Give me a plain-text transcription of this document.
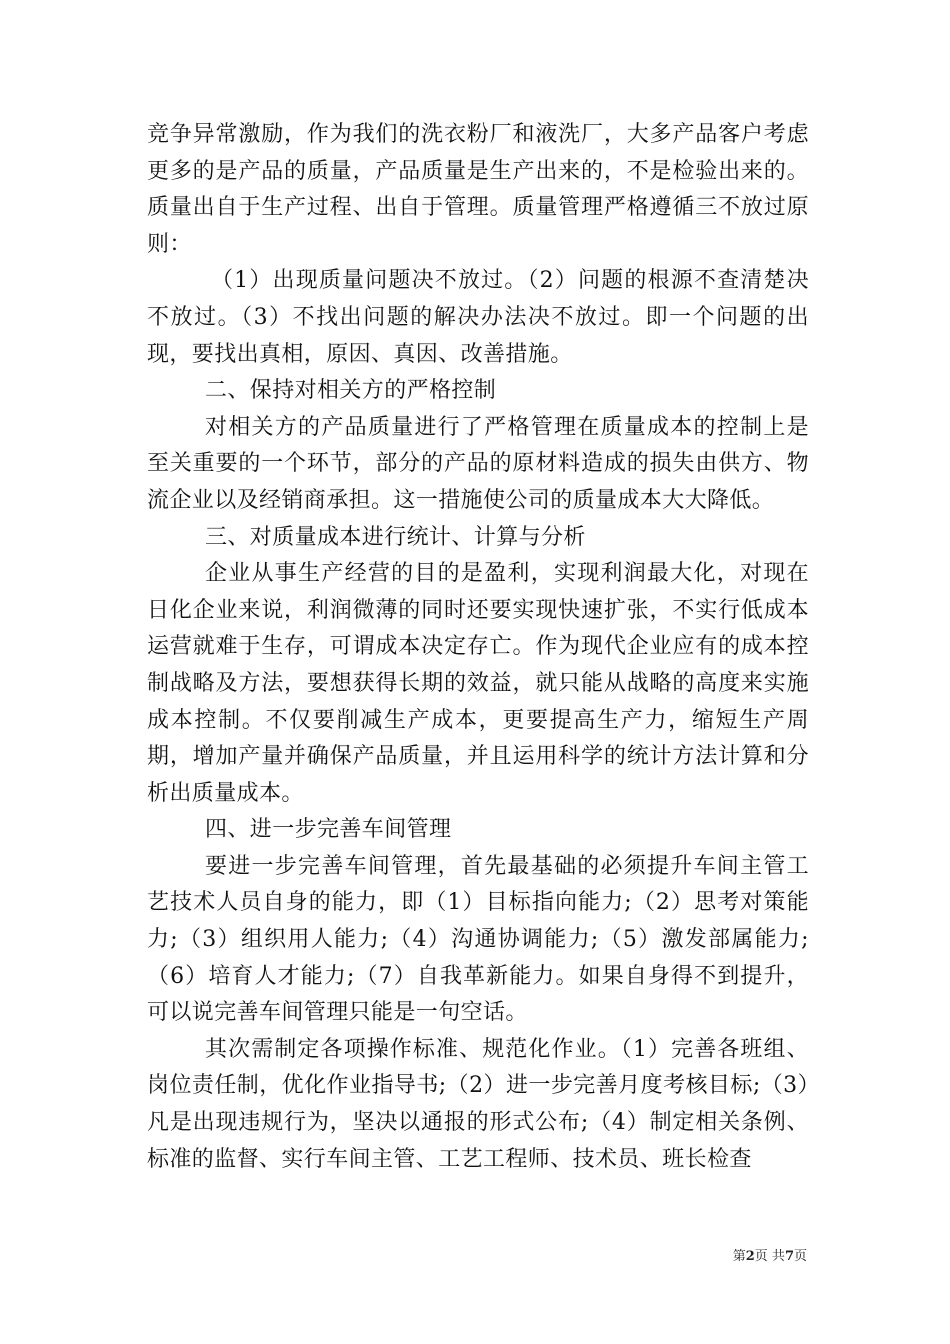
竞争异常激励，作为我们的洗衣粉厂和液洗厂，大多产品客户考虑更多的是产品的质量，产品质量是生产出来的，不是检验出来的。质量出自于生产过程、出自于管理。质量管理严格遵循三不放过原则：

（1）出现质量问题决不放过。（2）问题的根源不查清楚决不放过。（3）不找出问题的解决办法决不放过。即一个问题的出现，要找出真相，原因、真因、改善措施。

二、保持对相关方的严格控制

对相关方的产品质量进行了严格管理在质量成本的控制上是至关重要的一个环节，部分的产品的原材料造成的损失由供方、物流企业以及经销商承担。这一措施使公司的质量成本大大降低。

三、对质量成本进行统计、计算与分析

企业从事生产经营的目的是盈利，实现利润最大化，对现在日化企业来说，利润微薄的同时还要实现快速扩张，不实行低成本运营就难于生存，可谓成本决定存亡。作为现代企业应有的成本控制战略及方法，要想获得长期的效益，就只能从战略的高度来实施成本控制。不仅要削减生产成本，更要提高生产力，缩短生产周期，增加产量并确保产品质量，并且运用科学的统计方法计算和分析出质量成本。

四、进一步完善车间管理

要进一步完善车间管理，首先最基础的必须提升车间主管工艺技术人员自身的能力，即（1）目标指向能力;（2）思考对策能力;（3）组织用人能力;（4）沟通协调能力;（5）激发部属能力;（6）培育人才能力;（7）自我革新能力。如果自身得不到提升，可以说完善车间管理只能是一句空话。

其次需制定各项操作标准、规范化作业。（1）完善各班组、岗位责任制，优化作业指导书;（2）进一步完善月度考核目标;（3）凡是出现违规行为，坚决以通报的形式公布;（4）制定相关条例、标准的监督、实行车间主管、工艺工程师、技术员、班长检查

第2页 共7页
